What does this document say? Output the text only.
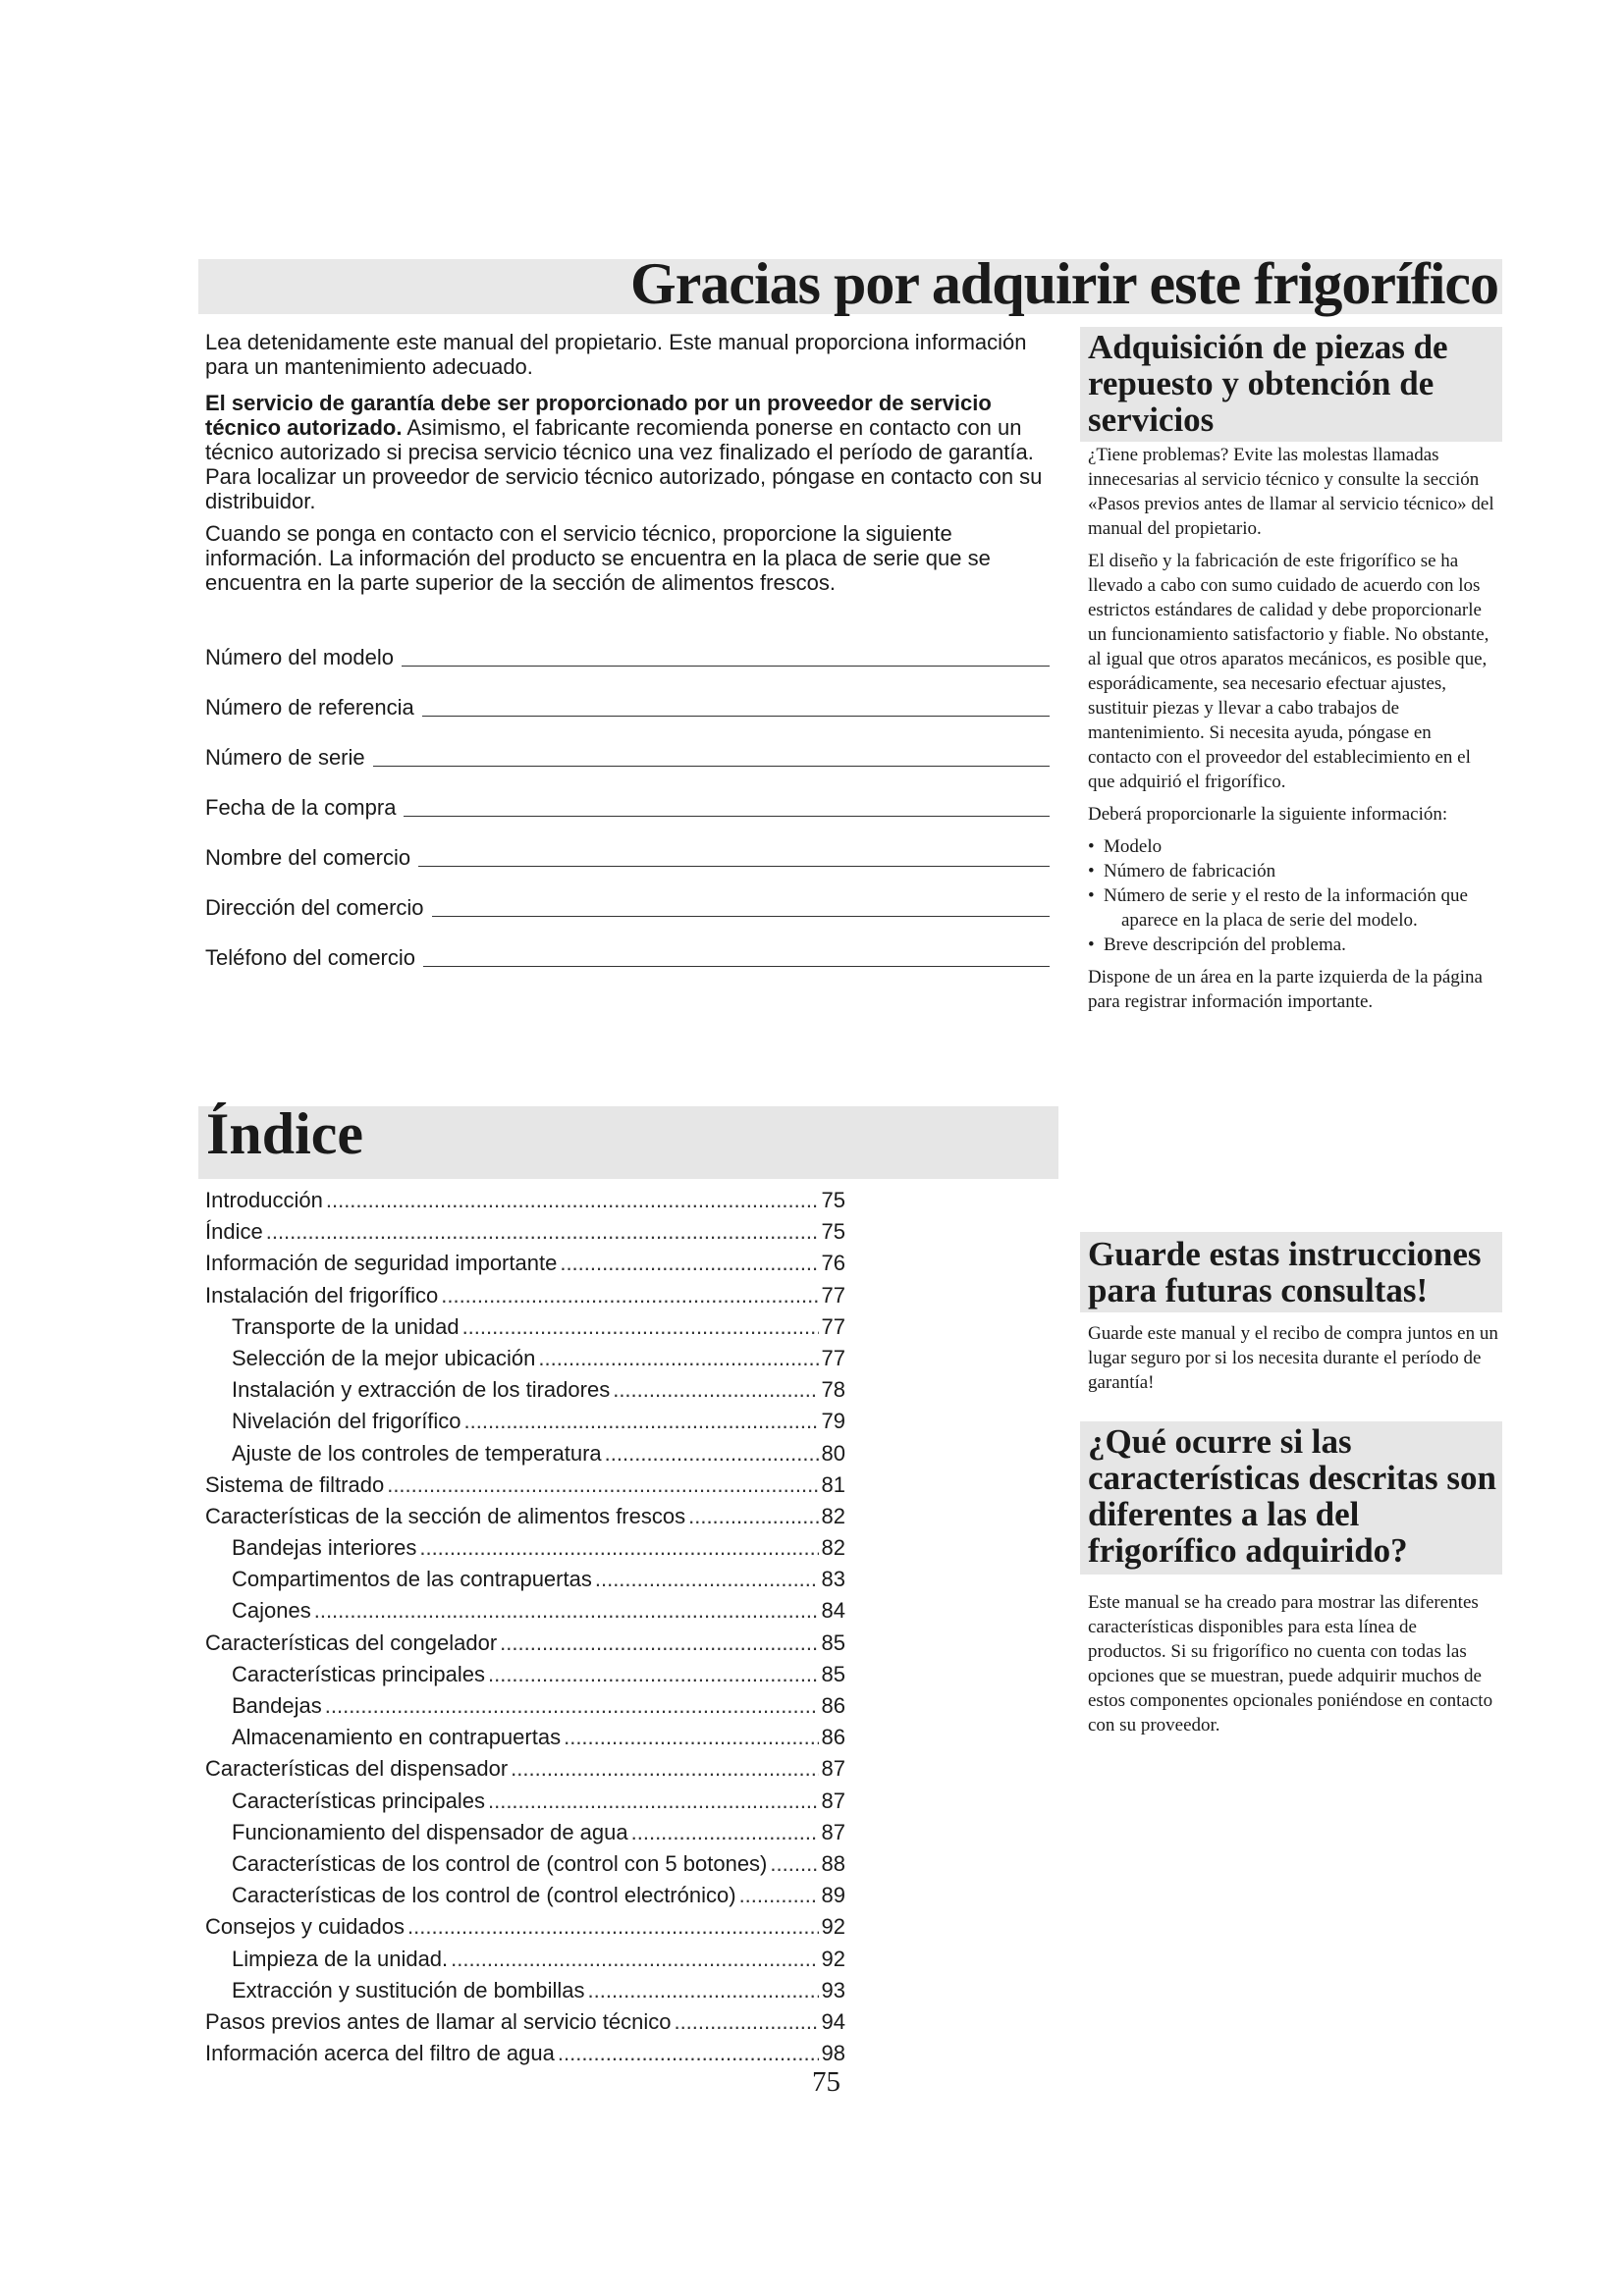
Gracias por adquirir este frigorífico

Lea detenidamente este manual del propietario. Este manual proporciona información para un mantenimiento adecuado.

El servicio de garantía debe ser proporcionado por un proveedor de servicio técnico autorizado. Asimismo, el fabricante recomienda ponerse en contacto con un técnico autorizado si precisa servicio técnico una vez finalizado el período de garantía. Para localizar un proveedor de servicio técnico autorizado, póngase en contacto con su distribuidor.

Cuando se ponga en contacto con el servicio técnico, proporcione la siguiente información. La información del producto se encuentra en la placa de serie que se encuentra en la parte superior de la sección de alimentos frescos.

Número del modelo
Número de referencia
Número de serie
Fecha de la compra
Nombre del comercio
Dirección del comercio
Teléfono del comercio
Índice
Introducción .....	75
Índice .....	75
Información de seguridad importante .....	76
Instalación del frigorífico .....	77
Transporte de la unidad .....	77
Selección de la mejor ubicación .....	77
Instalación y extracción de los tiradores .....	78
Nivelación del frigorífico .....	79
Ajuste de los controles de temperatura .....	80
Sistema de filtrado .....	81
Características de la sección de alimentos frescos .....	82
Bandejas interiores .....	82
Compartimentos de las contrapuertas .....	83
Cajones .....	84
Características del congelador .....	85
Características principales .....	85
Bandejas .....	86
Almacenamiento en contrapuertas .....	86
Características del dispensador .....	87
Características principales .....	87
Funcionamiento del dispensador de agua .....	87
Características de los control de (control con 5 botones) .....	88
Características de los control de (control electrónico) .....	89
Consejos y cuidados .....	92
Limpieza de la unidad. .....	92
Extracción y sustitución de bombillas .....	93
Pasos previos antes de llamar al servicio técnico .....	94
Información acerca del filtro de agua .....	98
75
Adquisición de piezas de repuesto y obtención de servicios

¿Tiene problemas? Evite las molestas llamadas innecesarias al servicio técnico y consulte la sección «Pasos previos antes de llamar al servicio técnico» del manual del propietario.

El diseño y la fabricación de este frigorífico se ha llevado a cabo con sumo cuidado de acuerdo con los estrictos estándares de calidad y debe proporcionarle un funcionamiento satisfactorio y fiable. No obstante, al igual que otros aparatos mecánicos, es posible que, esporádicamente, sea necesario efectuar ajustes, sustituir piezas y llevar a cabo trabajos de mantenimiento. Si necesita ayuda, póngase en contacto con el proveedor del establecimiento en el que adquirió el frigorífico.

Deberá proporcionarle la siguiente información:

• Modelo
• Número de fabricación
• Número de serie y el resto de la información que aparece en la placa de serie del modelo.
• Breve descripción del problema.

Dispone de un área en la parte izquierda de la página para registrar información importante.

Guarde estas instrucciones para futuras consultas!

Guarde este manual y el recibo de compra juntos en un lugar seguro por si los necesita durante el período de garantía!

¿Qué ocurre si las características descritas son diferentes a las del frigorífico adquirido?

Este manual se ha creado para mostrar las diferentes características disponibles para esta línea de productos. Si su frigorífico no cuenta con todas las opciones que se muestran, puede adquirir muchos de estos componentes opcionales poniéndose en contacto con su proveedor.
